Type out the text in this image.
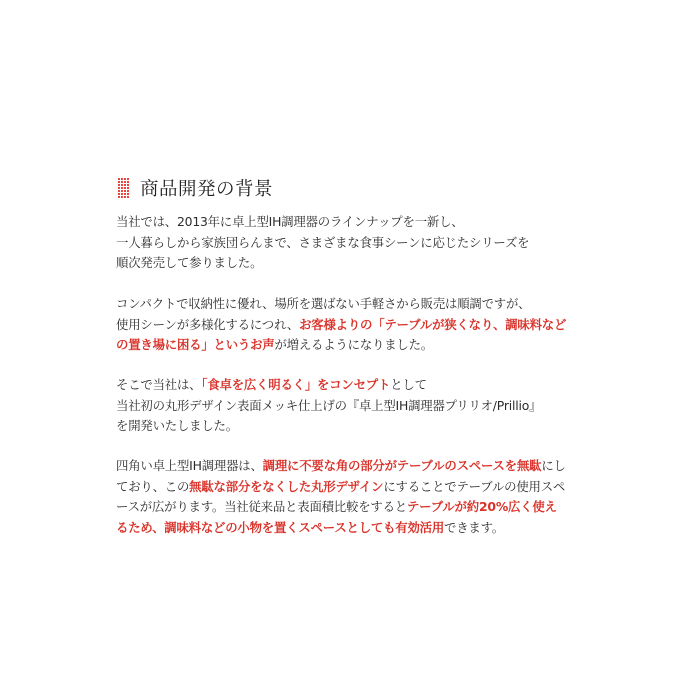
商品開発の背景
当社では、2013年に卓上型IH調理器のラインナップを一新し、
一人暮らしから家族団らんまで、さまざまな食事シーンに応じたシリーズを
順次発売して参りました。
コンパクトで収納性に優れ、場所を選ばない手軽さから販売は順調ですが、
使用シーンが多様化するにつれ、お客様よりの「テーブルが狭くなり、調味料など
の置き場に困る」というお声が増えるようになりました。
そこで当社は、「食卓を広く明るく」をコンセプトとして
当社初の丸形デザイン表面メッキ仕上げの『卓上型IH調理器プリリオ/Prillio』
を開発いたしました。
四角い卓上型IH調理器は、調理に不要な角の部分がテーブルのスペースを無駄にし
ており、この無駄な部分をなくした丸形デザインにすることでテーブルの使用スペ
ースが広がります。当社従来品と表面積比較をするとテーブルが約20%広く使え
るため、調味料などの小物を置くスペースとしても有効活用できます。
